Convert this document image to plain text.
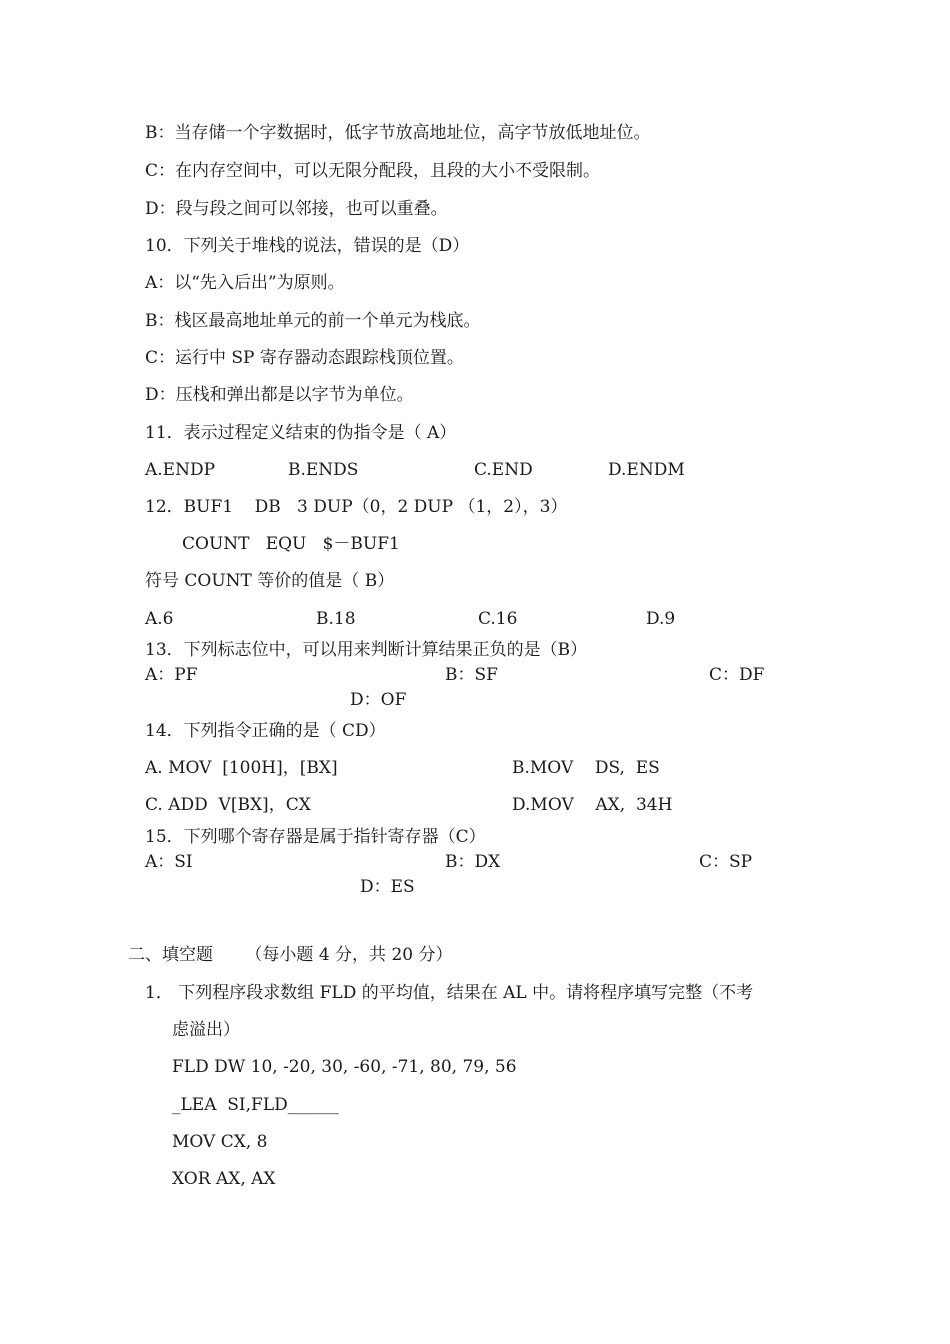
B：当存储一个字数据时，低字节放高地址位，高字节放低地址位。
C：在内存空间中，可以无限分配段，且段的大小不受限制。
D：段与段之间可以邻接，也可以重叠。
10．下列关于堆栈的说法，错误的是（D）
A：以“先入后出”为原则。
B：栈区最高地址单元的前一个单元为栈底。
C：运行中 SP 寄存器动态跟踪栈顶位置。
D：压栈和弹出都是以字节为单位。
11．表示过程定义结束的伪指令是（ A）
A.ENDP	B.ENDS	C.END	D.ENDM
12．BUF1    DB   3 DUP（0，2 DUP （1，2），3）
COUNT   EQU   $－BUF1
符号 COUNT 等价的值是（ B）
A.6	B.18	C.16	D.9
13．下列标志位中，可以用来判断计算结果正负的是（B）
A：PF	B：SF	C：DF
D：OF
14．下列指令正确的是（ CD）
A. MOV  [100H]，[BX]	B.MOV    DS,  ES
C. ADD  V[BX]，CX	D.MOV    AX,  34H
15．下列哪个寄存器是属于指针寄存器（C）
A：SI	B：DX	C：SP
D：ES
二、填空题      （每小题 4 分，共 20 分）
1． 下列程序段求数组 FLD 的平均值，结果在 AL 中。请将程序填写完整（不考
虑溢出）
FLD DW 10, -20, 30, -60, -71, 80, 79, 56
_LEA  SI,FLD______
MOV CX, 8
XOR AX, AX
